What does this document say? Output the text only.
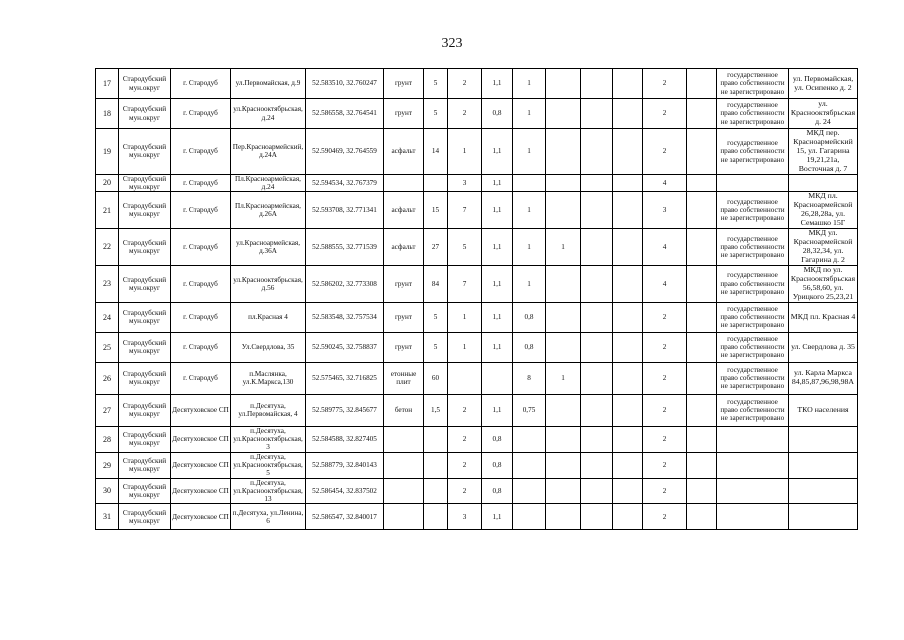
323
17	Стародубский мун.округ	г. Стародуб	ул.Первомайская, д.9	52.583510, 32.760247	грунт	5	2	1,1	1				2		государственное право собственности не зарегистрировано	ул. Первомайская, ул. Осипенко д. 2
18	Стародубский мун.округ	г. Стародуб	ул.Краснооктябрьская, д.24	52.586558, 32.764541	грунт	5	2	0,8	1				2		государственное право собственности не зарегистрировано	ул. Краснооктябрьская д. 24
19	Стародубский мун.округ	г. Стародуб	Пер.Красноармейский, д.24А	52.590469, 32.764559	асфальт	14	1	1,1	1				2		государственное право собственности не зарегистрировано	МКД пер. Красноармейский 15, ул. Гагарина 19,21,21а, Восточная д. 7
20	Стародубский мун.округ	г. Стародуб	Пл.Красноармейская, д.24	52.594534, 32.767379			3	1,1					4			
21	Стародубский мун.округ	г. Стародуб	Пл.Красноармейская, д.26А	52.593708, 32.771341	асфальт	15	7	1,1	1				3		государственное право собственности не зарегистрировано	МКД пл. Красноармейской 26,28,28а, ул. Семашко 15Г
22	Стародубский мун.округ	г. Стародуб	ул.Красноармейская, д.36А	52.588555, 32.771539	асфальт	27	5	1,1	1	1			4		государственное право собственности не зарегистрировано	МКД ул. Красноармейской 28,32,34, ул. Гагарина д. 2
23	Стародубский мун.округ	г. Стародуб	ул.Краснооктябрьская, д.56	52.586202, 32.773308	грунт	84	7	1,1	1				4		государственное право собственности не зарегистрировано	МКД по ул. Краснооктябрьская 56,58,60, ул. Урицкого 25,23,21
24	Стародубский мун.округ	г. Стародуб	пл.Красная 4	52.583548, 32.757534	грунт	5	1	1,1	0,8				2		государственное право собственности не зарегистрировано	МКД пл. Красная 4
25	Стародубский мун.округ	г. Стародуб	Ул.Свердлова, 35	52.590245, 32.758837	грунт	5	1	1,1	0,8				2		государственное право собственности не зарегистрировано	ул. Свердлова д. 35
26	Стародубский мун.округ	г. Стародуб	п.Маслянка, ул.К.Маркса,130	52.575465, 32.716825	етонные плит	60			8	1			2		государственное право собственности не зарегистрировано	ул. Карла Маркса 84,85,87,96,98,98А
27	Стародубский мун.округ	Десятуховское СП	п.Десятуха, ул.Первомайская, 4	52.589775, 32.845677	бетон	1,5	2	1,1	0,75				2		государственное право собственности не зарегистрировано	ТКО населения
28	Стародубский мун.округ	Десятуховское СП	п.Десятуха, ул.Краснооктябрьская, 3	52.584588, 32.827405			2	0,8					2			
29	Стародубский мун.округ	Десятуховское СП	п.Десятуха, ул.Краснооктябрьская, 5	52.588779, 32.840143			2	0,8					2			
30	Стародубский мун.округ	Десятуховское СП	п.Десятуха, ул.Краснооктябрьская, 13	52.586454, 32.837502			2	0,8					2			
31	Стародубский мун.округ	Десятуховское СП	п.Десятуха, ул.Ленина, 6	52.586547, 32.840017			3	1,1					2			
